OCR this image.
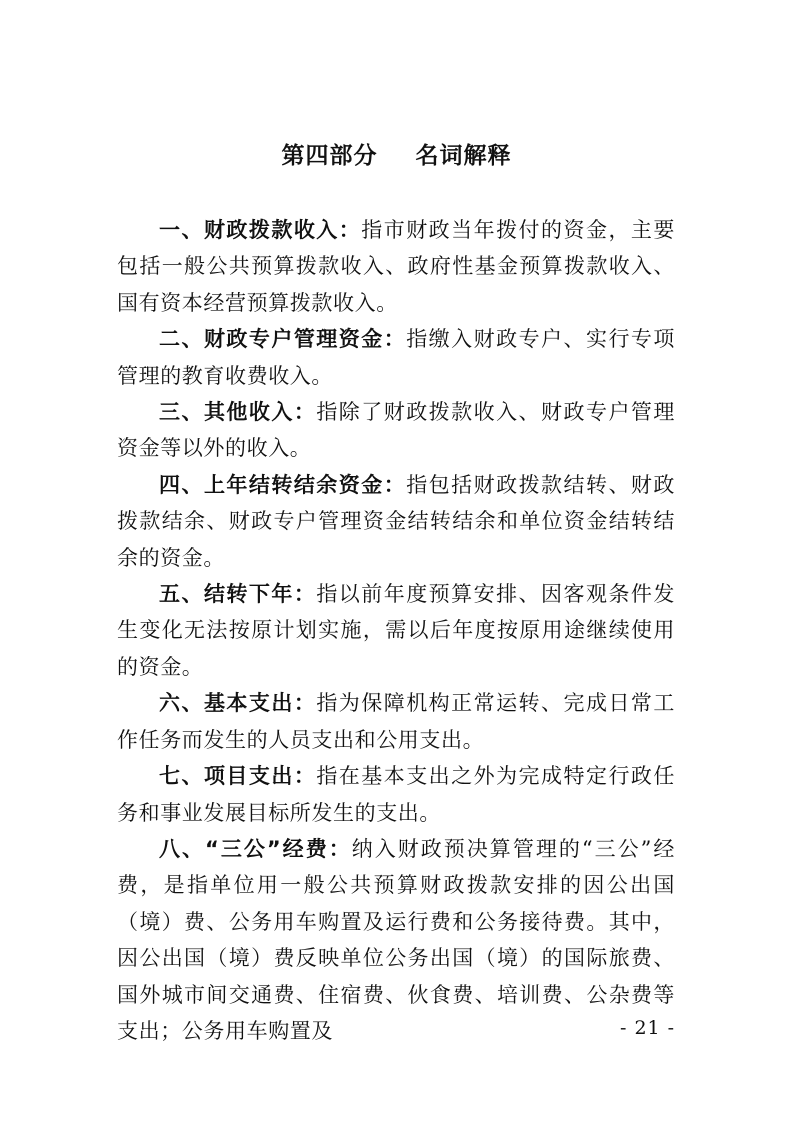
第四部分  名词解释

一、财政拨款收入：指市财政当年拨付的资金，主要包括一般公共预算拨款收入、政府性基金预算拨款收入、国有资本经营预算拨款收入。

二、财政专户管理资金：指缴入财政专户、实行专项管理的教育收费收入。

三、其他收入：指除了财政拨款收入、财政专户管理资金等以外的收入。

四、上年结转结余资金：指包括财政拨款结转、财政拨款结余、财政专户管理资金结转结余和单位资金结转结余的资金。

五、结转下年：指以前年度预算安排、因客观条件发生变化无法按原计划实施，需以后年度按原用途继续使用的资金。

六、基本支出：指为保障机构正常运转、完成日常工作任务而发生的人员支出和公用支出。

七、项目支出：指在基本支出之外为完成特定行政任务和事业发展目标所发生的支出。

八、“三公”经费：纳入财政预决算管理的“三公”经费，是指单位用一般公共预算财政拨款安排的因公出国（境）费、公务用车购置及运行费和公务接待费。其中，因公出国（境）费反映单位公务出国（境）的国际旅费、国外城市间交通费、住宿费、伙食费、培训费、公杂费等支出；公务用车购置及	- 21 -
